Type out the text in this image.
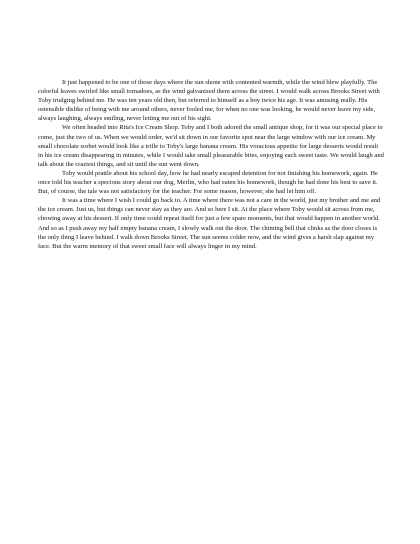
It just happened to be one of those days where the sun shone with contented warmth, while the wind blew playfully. The colorful leaves swirled like small tornadoes, as the wind galvanized them across the street. I would walk across Brooks Street with Toby trudging behind me. He was ten years old then, but referred to himself as a boy twice his age. It was amusing really. His ostensible dislike of being with me around others, never fooled me, for when no one was looking, he would never leave my side, always laughing, always smiling, never letting me out of his sight.

We often headed into Rita's Ice Cream Shop. Toby and I both adored the small antique shop, for it was our special place to come, just the two of us. When we would order, we'd sit down in our favorite spot near the large window with our ice cream. My small chocolate sorbet would look like a trifle to Toby's large banana cream. His voracious appetite for large desserts would result in his ice cream disappearing in minutes, while I would take small pleasurable bites, enjoying each sweet taste. We would laugh and talk about the craziest things, and sit until the sun went down.

Toby would prattle about his school day, how he had nearly escaped detention for not finishing his homework, again. He once told his teacher a specious story about our dog, Merlin, who had eaten his homework, though he had done his best to save it. But, of course, the tale was not satisfactory for the teacher. For some reason, however, she had let him off.

It was a time where I wish I could go back to. A time where there was not a care in the world, just my brother and me and the ice cream. Just us, but things can never stay as they are. And so here I sit. At the place where Toby would sit across from me, chowing away at his dessert. If only time could repeat itself for just a few spare moments, but that would happen in another world. And so as I push away my half empty banana cream, I slowly walk out the door. The chiming bell that clinks as the door closes is the only thing I leave behind. I walk down Brooks Street. The sun seems colder now, and the wind gives a harsh slap against my face. But the warm memory of that sweet small face will always linger in my mind.
